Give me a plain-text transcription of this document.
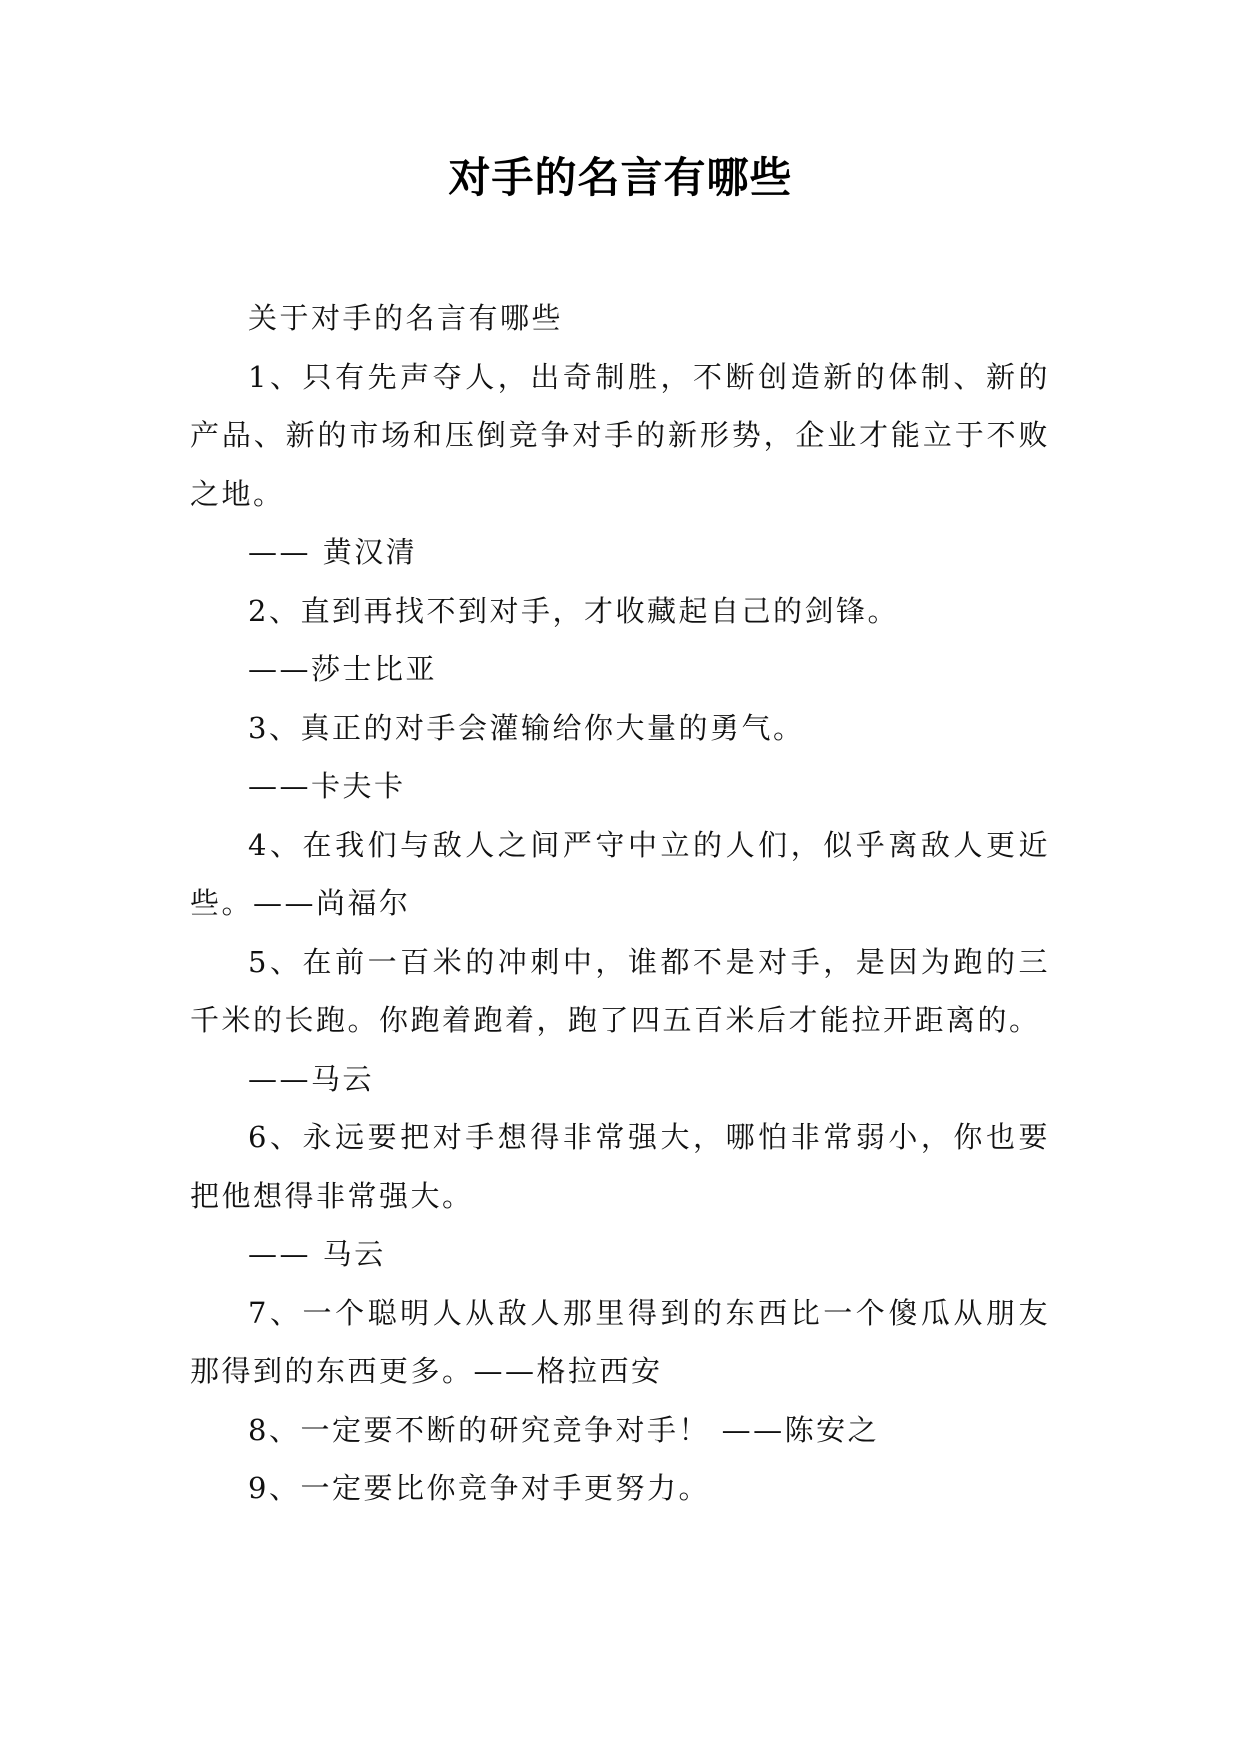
对手的名言有哪些

关于对手的名言有哪些

1、只有先声夺人，出奇制胜，不断创造新的体制、新的产品、新的市场和压倒竞争对手的新形势，企业才能立于不败之地。

—— 黄汉清

2、直到再找不到对手，才收藏起自己的剑锋。

——莎士比亚

3、真正的对手会灌输给你大量的勇气。

——卡夫卡

4、在我们与敌人之间严守中立的人们，似乎离敌人更近些。——尚福尔

5、在前一百米的冲刺中，谁都不是对手，是因为跑的三千米的长跑。你跑着跑着，跑了四五百米后才能拉开距离的。

——马云

6、永远要把对手想得非常强大，哪怕非常弱小，你也要把他想得非常强大。

—— 马云

7、一个聪明人从敌人那里得到的东西比一个傻瓜从朋友那得到的东西更多。——格拉西安

8、一定要不断的研究竞争对手！ ——陈安之

9、一定要比你竞争对手更努力。
